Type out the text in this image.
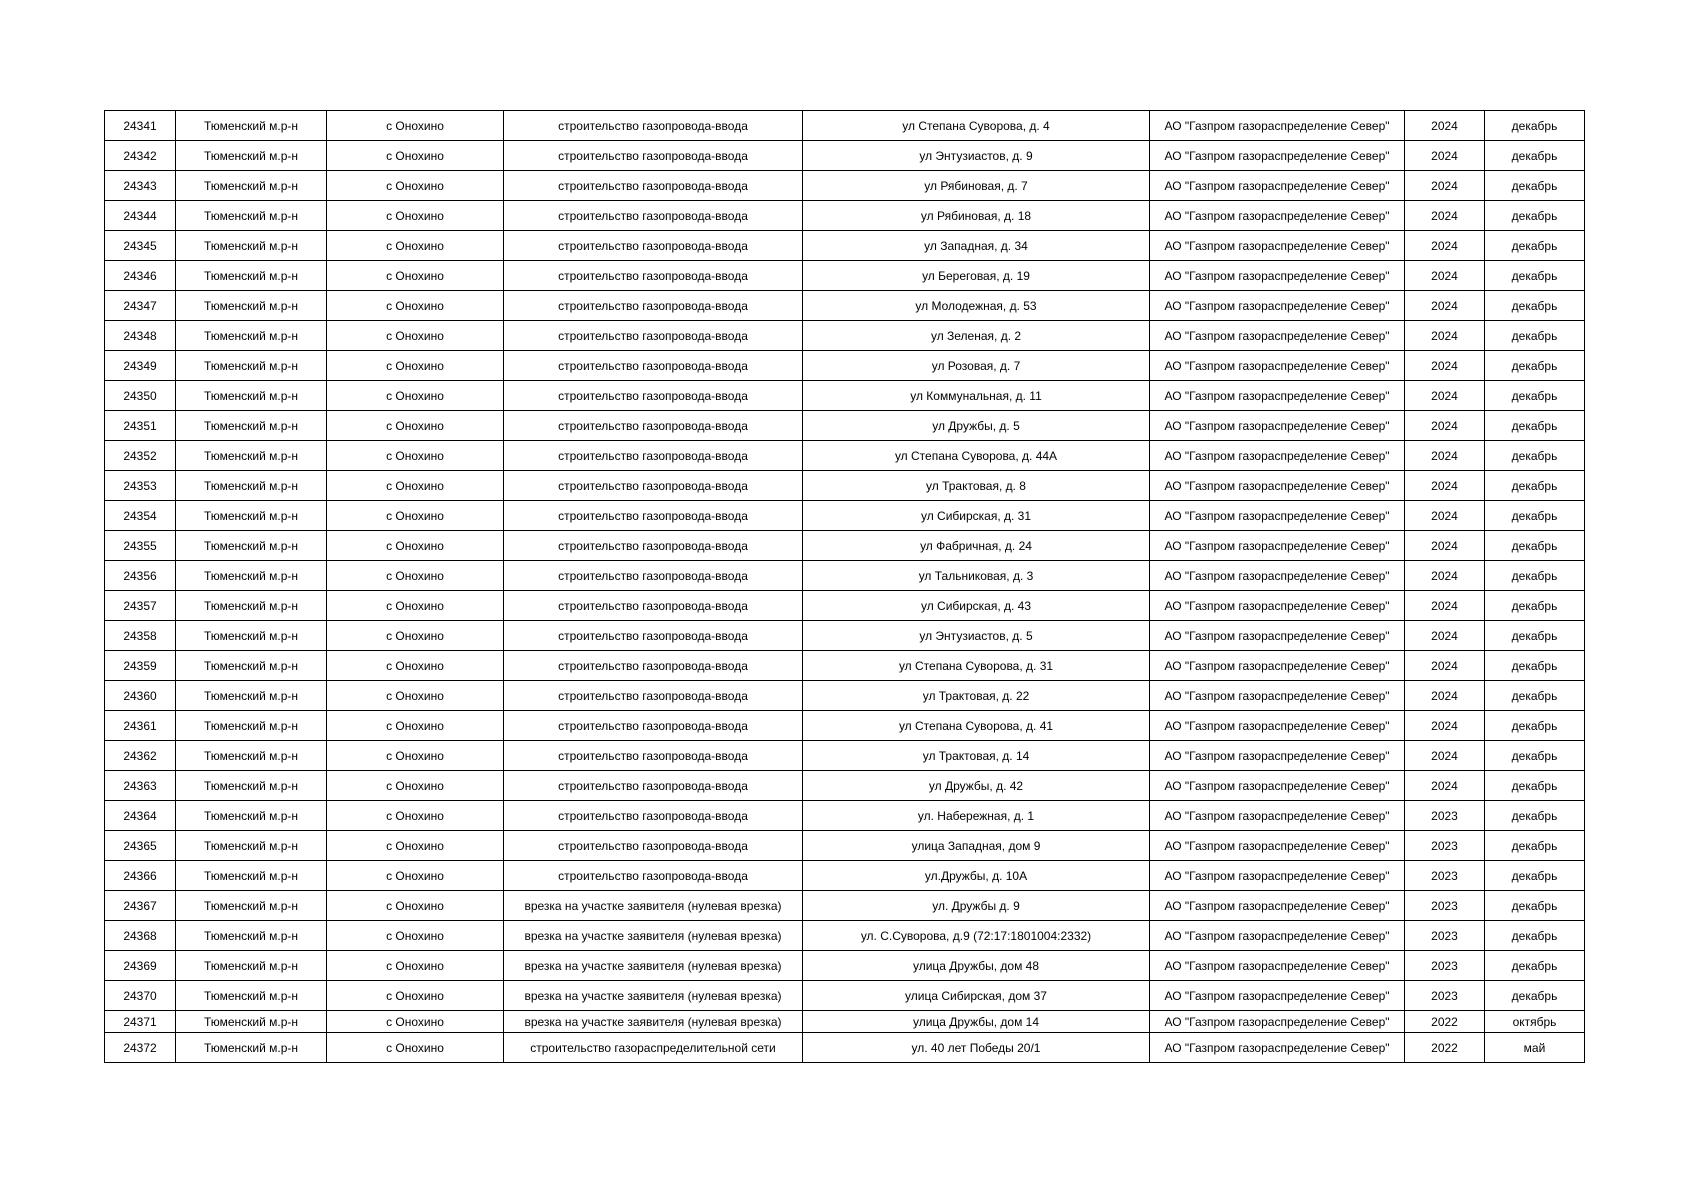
24341	Тюменский м.р-н	с Онохино	строительство газопровода-ввода	ул Степана Суворова, д. 4	АО "Газпром газораспределение Север"	2024	декабрь
24342	Тюменский м.р-н	с Онохино	строительство газопровода-ввода	ул Энтузиастов, д. 9	АО "Газпром газораспределение Север"	2024	декабрь
24343	Тюменский м.р-н	с Онохино	строительство газопровода-ввода	ул Рябиновая, д. 7	АО "Газпром газораспределение Север"	2024	декабрь
24344	Тюменский м.р-н	с Онохино	строительство газопровода-ввода	ул Рябиновая, д. 18	АО "Газпром газораспределение Север"	2024	декабрь
24345	Тюменский м.р-н	с Онохино	строительство газопровода-ввода	ул Западная, д. 34	АО "Газпром газораспределение Север"	2024	декабрь
24346	Тюменский м.р-н	с Онохино	строительство газопровода-ввода	ул Береговая, д. 19	АО "Газпром газораспределение Север"	2024	декабрь
24347	Тюменский м.р-н	с Онохино	строительство газопровода-ввода	ул Молодежная, д. 53	АО "Газпром газораспределение Север"	2024	декабрь
24348	Тюменский м.р-н	с Онохино	строительство газопровода-ввода	ул Зеленая, д. 2	АО "Газпром газораспределение Север"	2024	декабрь
24349	Тюменский м.р-н	с Онохино	строительство газопровода-ввода	ул Розовая, д. 7	АО "Газпром газораспределение Север"	2024	декабрь
24350	Тюменский м.р-н	с Онохино	строительство газопровода-ввода	ул Коммунальная, д. 11	АО "Газпром газораспределение Север"	2024	декабрь
24351	Тюменский м.р-н	с Онохино	строительство газопровода-ввода	ул Дружбы, д. 5	АО "Газпром газораспределение Север"	2024	декабрь
24352	Тюменский м.р-н	с Онохино	строительство газопровода-ввода	ул Степана Суворова, д. 44А	АО "Газпром газораспределение Север"	2024	декабрь
24353	Тюменский м.р-н	с Онохино	строительство газопровода-ввода	ул Трактовая, д. 8	АО "Газпром газораспределение Север"	2024	декабрь
24354	Тюменский м.р-н	с Онохино	строительство газопровода-ввода	ул Сибирская, д. 31	АО "Газпром газораспределение Север"	2024	декабрь
24355	Тюменский м.р-н	с Онохино	строительство газопровода-ввода	ул Фабричная, д. 24	АО "Газпром газораспределение Север"	2024	декабрь
24356	Тюменский м.р-н	с Онохино	строительство газопровода-ввода	ул Тальниковая, д. 3	АО "Газпром газораспределение Север"	2024	декабрь
24357	Тюменский м.р-н	с Онохино	строительство газопровода-ввода	ул Сибирская, д. 43	АО "Газпром газораспределение Север"	2024	декабрь
24358	Тюменский м.р-н	с Онохино	строительство газопровода-ввода	ул Энтузиастов, д. 5	АО "Газпром газораспределение Север"	2024	декабрь
24359	Тюменский м.р-н	с Онохино	строительство газопровода-ввода	ул Степана Суворова, д. 31	АО "Газпром газораспределение Север"	2024	декабрь
24360	Тюменский м.р-н	с Онохино	строительство газопровода-ввода	ул Трактовая, д. 22	АО "Газпром газораспределение Север"	2024	декабрь
24361	Тюменский м.р-н	с Онохино	строительство газопровода-ввода	ул Степана Суворова, д. 41	АО "Газпром газораспределение Север"	2024	декабрь
24362	Тюменский м.р-н	с Онохино	строительство газопровода-ввода	ул Трактовая, д. 14	АО "Газпром газораспределение Север"	2024	декабрь
24363	Тюменский м.р-н	с Онохино	строительство газопровода-ввода	ул Дружбы, д. 42	АО "Газпром газораспределение Север"	2024	декабрь
24364	Тюменский м.р-н	с Онохино	строительство газопровода-ввода	ул. Набережная, д. 1	АО "Газпром газораспределение Север"	2023	декабрь
24365	Тюменский м.р-н	с Онохино	строительство газопровода-ввода	улица Западная, дом 9	АО "Газпром газораспределение Север"	2023	декабрь
24366	Тюменский м.р-н	с Онохино	строительство газопровода-ввода	ул.Дружбы, д. 10А	АО "Газпром газораспределение Север"	2023	декабрь
24367	Тюменский м.р-н	с Онохино	врезка на участке заявителя (нулевая врезка)	ул. Дружбы д. 9	АО "Газпром газораспределение Север"	2023	декабрь
24368	Тюменский м.р-н	с Онохино	врезка на участке заявителя (нулевая врезка)	ул. С.Суворова, д.9 (72:17:1801004:2332)	АО "Газпром газораспределение Север"	2023	декабрь
24369	Тюменский м.р-н	с Онохино	врезка на участке заявителя (нулевая врезка)	улица Дружбы, дом 48	АО "Газпром газораспределение Север"	2023	декабрь
24370	Тюменский м.р-н	с Онохино	врезка на участке заявителя (нулевая врезка)	улица Сибирская, дом 37	АО "Газпром газораспределение Север"	2023	декабрь
24371	Тюменский м.р-н	с Онохино	врезка на участке заявителя (нулевая врезка)	улица Дружбы, дом 14	АО "Газпром газораспределение Север"	2022	октябрь
24372	Тюменский м.р-н	с Онохино	строительство газораспределительной сети	ул. 40 лет Победы 20/1	АО "Газпром газораспределение Север"	2022	май
